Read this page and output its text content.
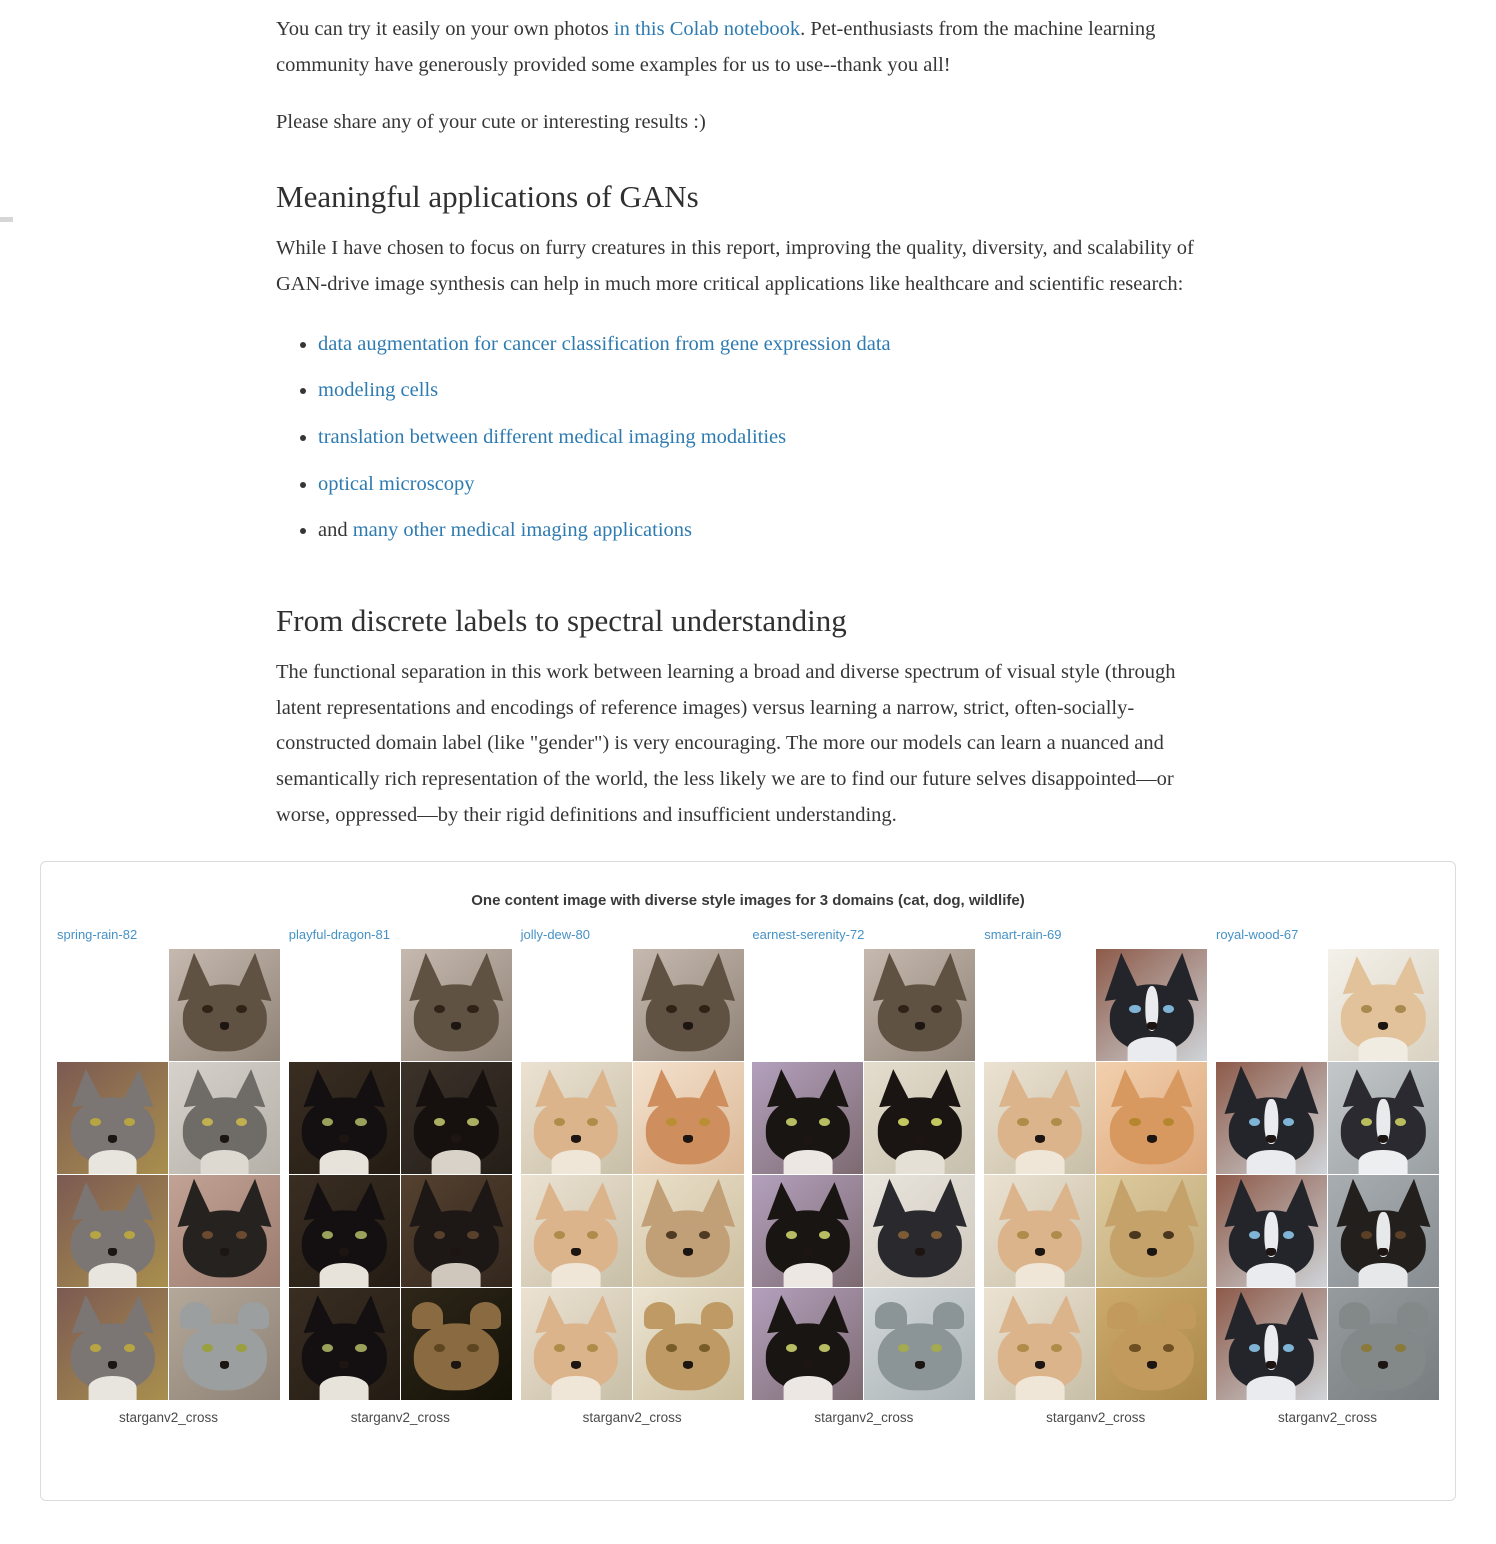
You can try it easily on your own photos in this Colab notebook. Pet-enthusiasts from the machine learning community have generously provided some examples for us to use--thank you all!

Please share any of your cute or interesting results :)

Meaningful applications of GANs

While I have chosen to focus on furry creatures in this report, improving the quality, diversity, and scalability of GAN-drive image synthesis can help in much more critical applications like healthcare and scientific research:

• data augmentation for cancer classification from gene expression data
• modeling cells
• translation between different medical imaging modalities
• optical microscopy
• and many other medical imaging applications
From discrete labels to spectral understanding

The functional separation in this work between learning a broad and diverse spectrum of visual style (through latent representations and encodings of reference images) versus learning a narrow, strict, often-socially-constructed domain label (like "gender") is very encouraging. The more our models can learn a nuanced and semantically rich representation of the world, the less likely we are to find our future selves disappointed—or worse, oppressed—by their rigid definitions and insufficient understanding.

One content image with diverse style images for 3 domains (cat, dog, wildlife)
spring-rain-82
starganv2_cross
playful-dragon-81
starganv2_cross
jolly-dew-80
starganv2_cross
earnest-serenity-72
starganv2_cross
smart-rain-69
starganv2_cross
royal-wood-67
starganv2_cross
